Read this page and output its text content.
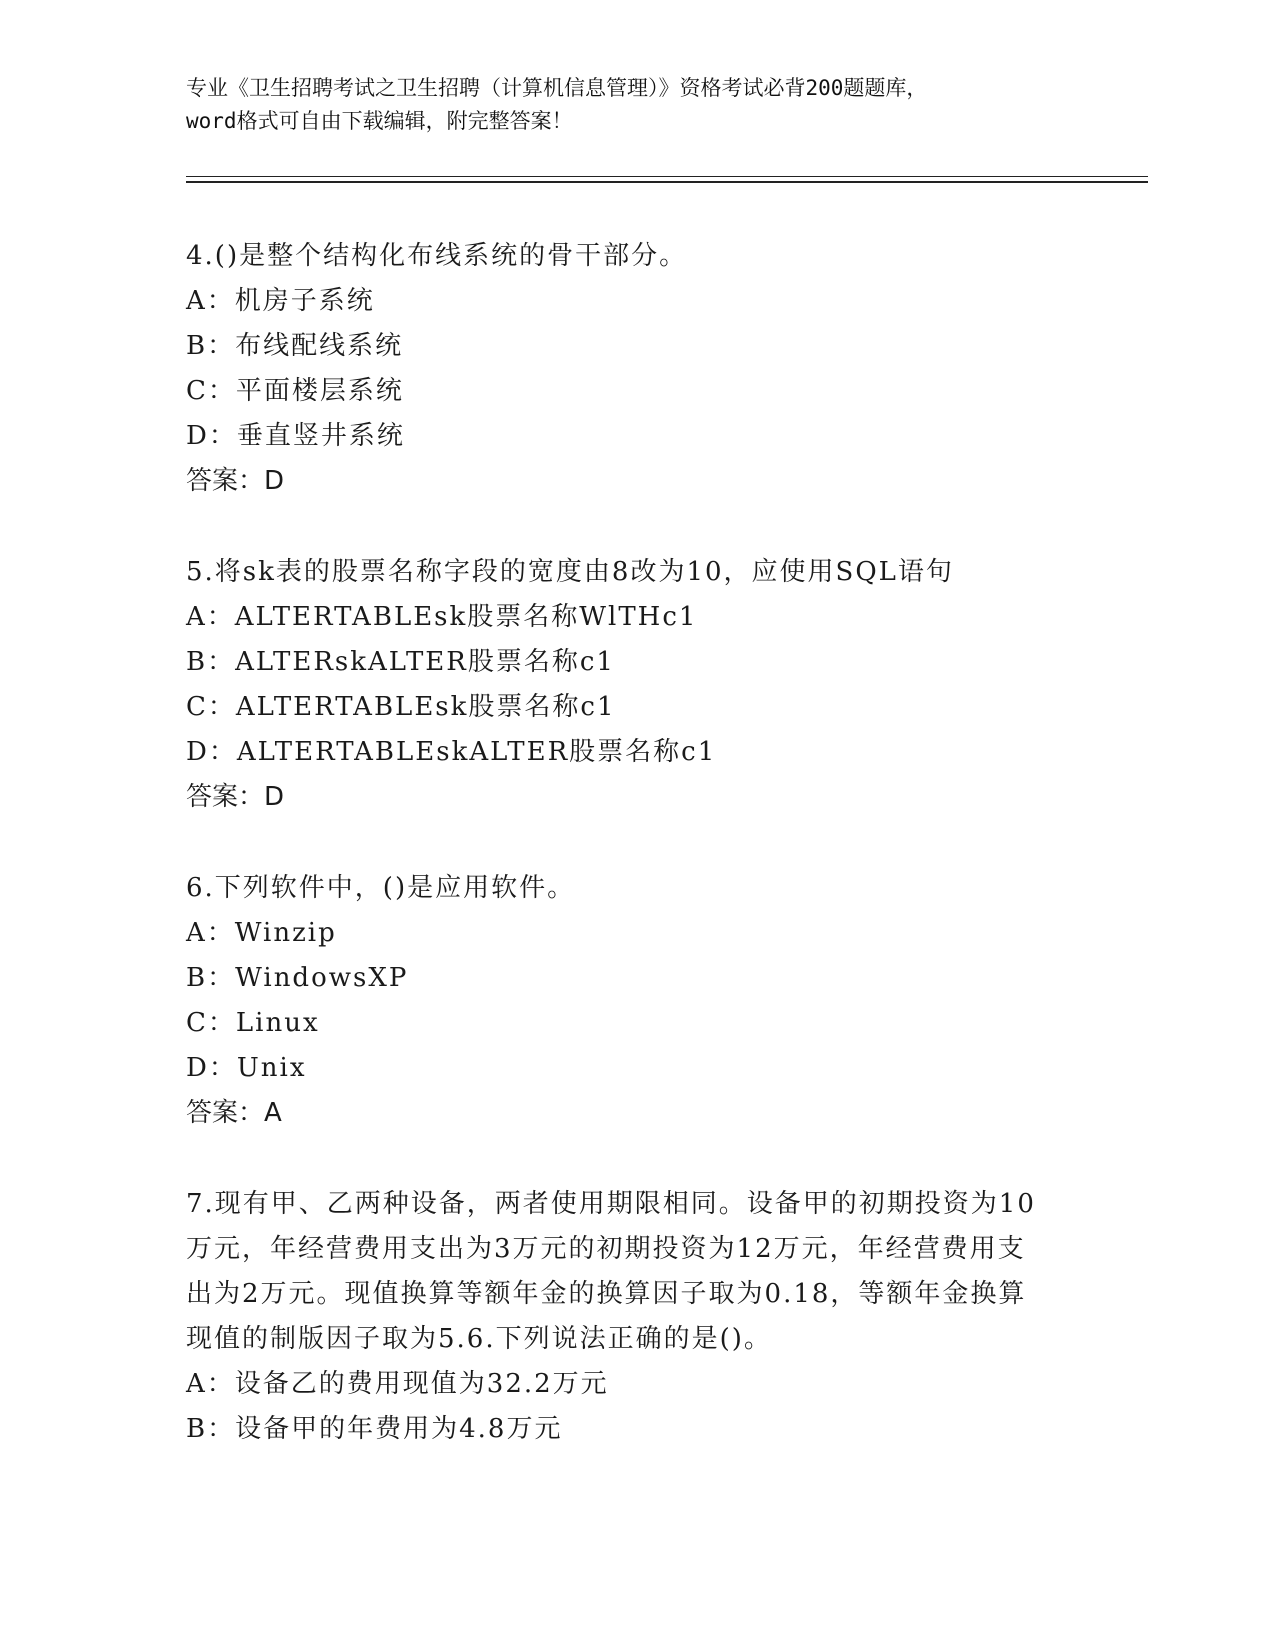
专业《卫生招聘考试之卫生招聘（计算机信息管理）》资格考试必背200题题库，
word格式可自由下载编辑，附完整答案！
4.()是整个结构化布线系统的骨干部分。
A：机房子系统
B：布线配线系统
C：平面楼层系统
D：垂直竖井系统
答案：D
5.将sk表的股票名称字段的宽度由8改为10，应使用SQL语句
A：ALTERTABLEsk股票名称WlTHc1
B：ALTERskALTER股票名称c1
C：ALTERTABLEsk股票名称c1
D：ALTERTABLEskALTER股票名称c1
答案：D
6.下列软件中，()是应用软件。
A：Winzip
B：WindowsXP
C：Linux
D：Unix
答案：A
7.现有甲、乙两种设备，两者使用期限相同。设备甲的初期投资为10
万元，年经营费用支出为3万元的初期投资为12万元，年经营费用支
出为2万元。现值换算等额年金的换算因子取为0.18，等额年金换算
现值的制版因子取为5.6.下列说法正确的是()。
A：设备乙的费用现值为32.2万元
B：设备甲的年费用为4.8万元
